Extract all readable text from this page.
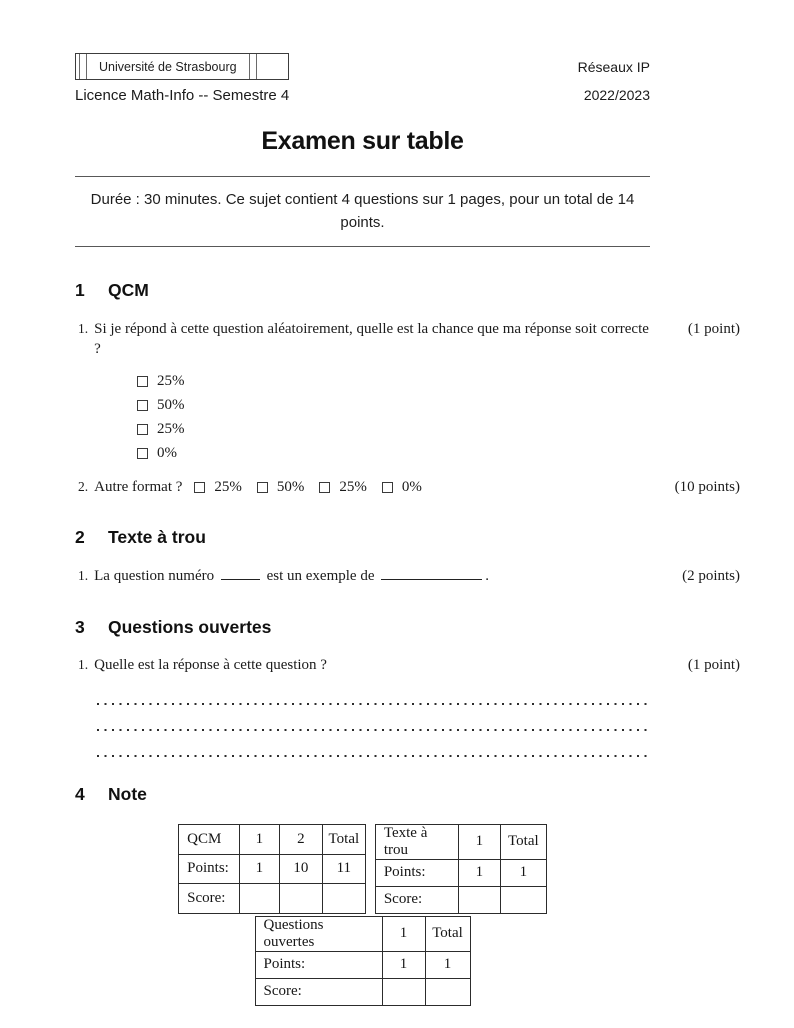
Université de Strasbourg
Licence Math-Info -- Semestre 4
Réseaux IP
2022/2023
Examen sur table
Durée : 30 minutes. Ce sujet contient 4 questions sur 1 pages, pour un total de 14 points.
1	QCM
1. Si je répond à cette question aléatoirement, quelle est la chance que ma réponse soit correcte ?
(1 point)
25%
50%
25%
0%
2. Autre format ? 25% 50% 25% 0%	(10 points)
2	Texte à trou
1. La question numéro	est un exemple de	.	(2 points)
3	Questions ouvertes
1. Quelle est la réponse à cette question ?	(1 point)
4	Note
QCM	1	2	Total
Points:	1	10	11
Score:			
Texte à trou	1	Total
Points:	1	1
Score:		
Questions ouvertes	1	Total
Points:	1	1
Score:		
